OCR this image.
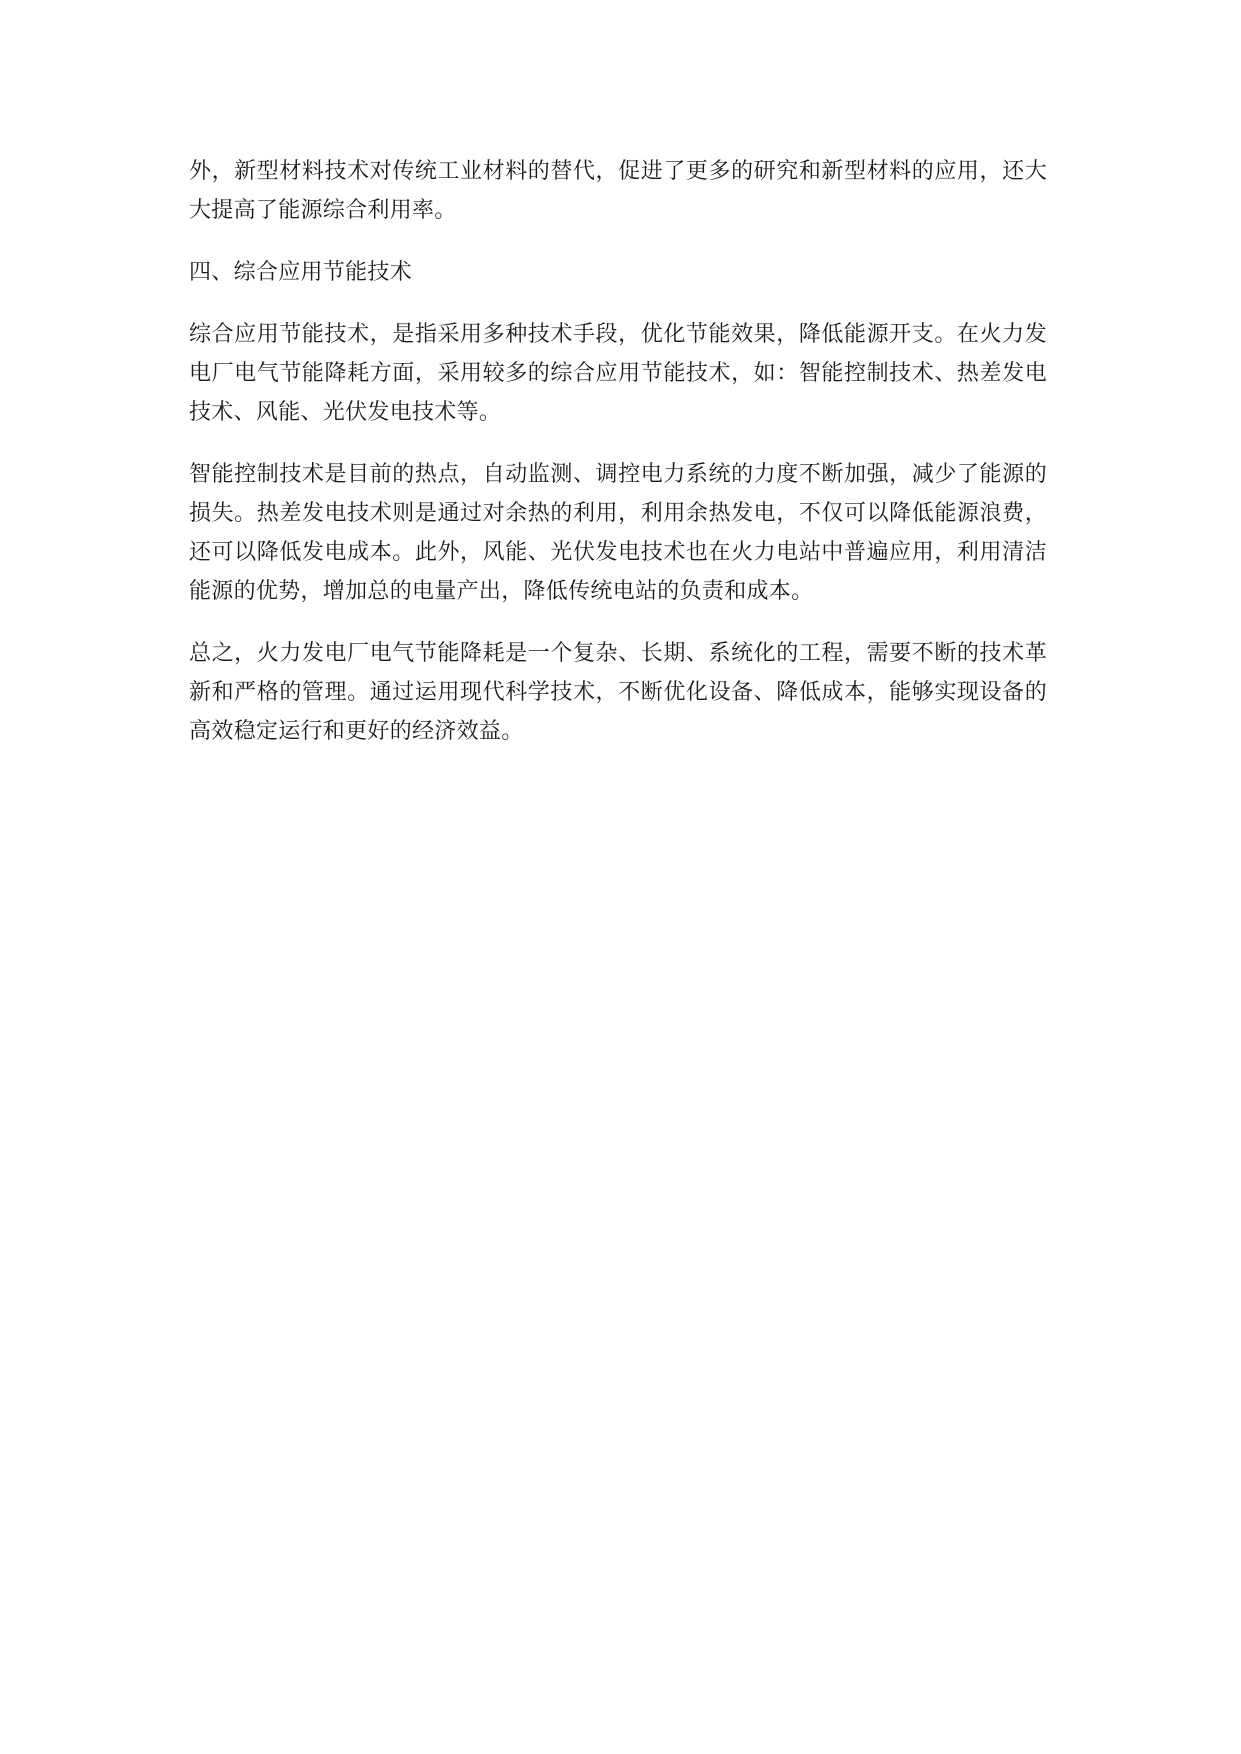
外，新型材料技术对传统工业材料的替代，促进了更多的研究和新型材料的应用，还大大提高了能源综合利用率。

四、综合应用节能技术

综合应用节能技术，是指采用多种技术手段，优化节能效果，降低能源开支。在火力发电厂电气节能降耗方面，采用较多的综合应用节能技术，如：智能控制技术、热差发电技术、风能、光伏发电技术等。

智能控制技术是目前的热点，自动监测、调控电力系统的力度不断加强，减少了能源的损失。热差发电技术则是通过对余热的利用，利用余热发电，不仅可以降低能源浪费，还可以降低发电成本。此外，风能、光伏发电技术也在火力电站中普遍应用，利用清洁能源的优势，增加总的电量产出，降低传统电站的负责和成本。

总之，火力发电厂电气节能降耗是一个复杂、长期、系统化的工程，需要不断的技术革新和严格的管理。通过运用现代科学技术，不断优化设备、降低成本，能够实现设备的高效稳定运行和更好的经济效益。
